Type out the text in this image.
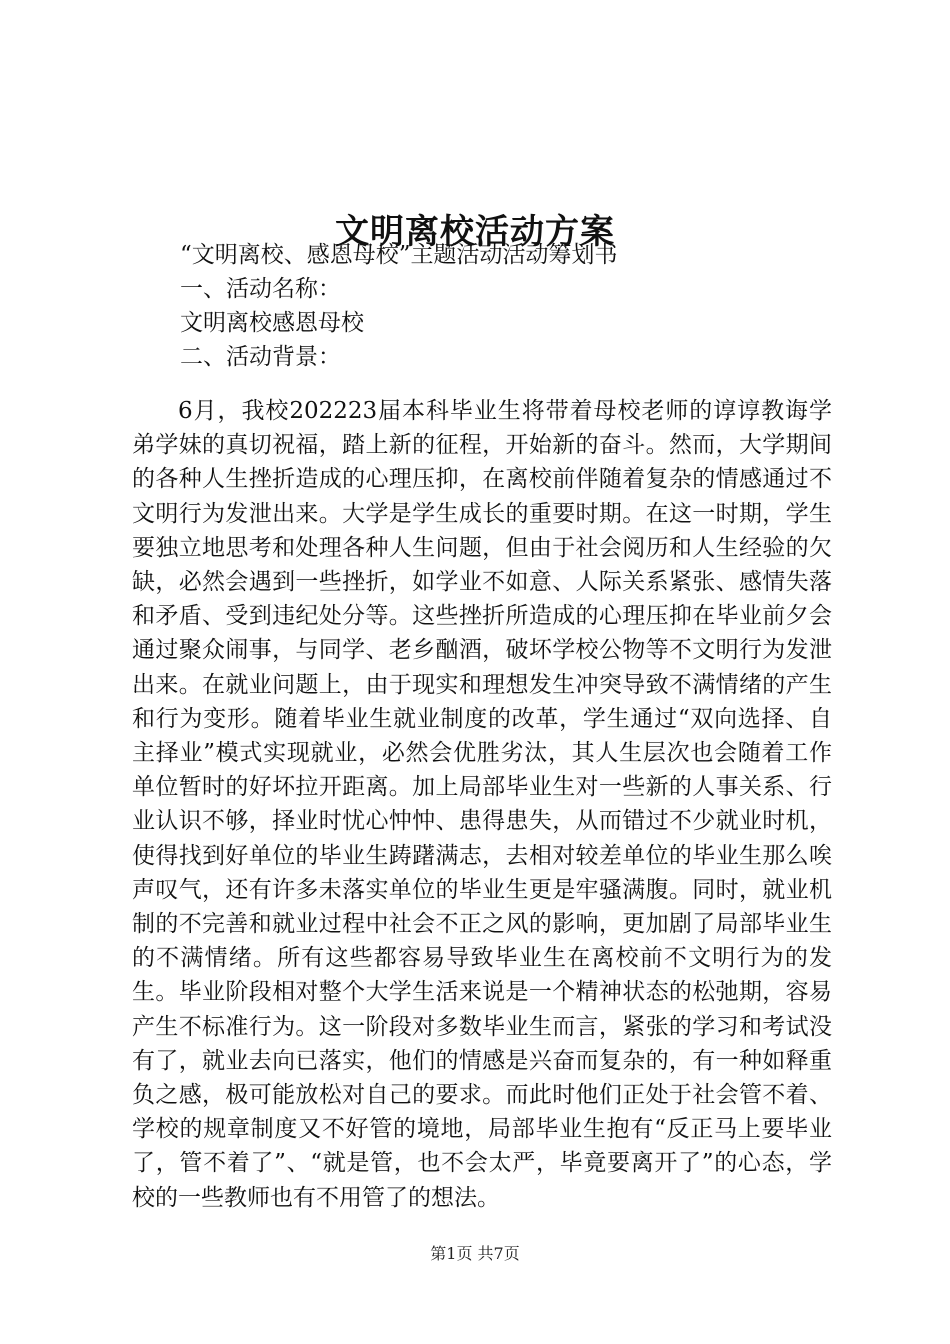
文明离校活动方案

“文明离校、感恩母校”主题活动活动筹划书

一、活动名称：

文明离校感恩母校

二、活动背景：

6月，我校202223届本科毕业生将带着母校老师的谆谆教诲学弟学妹的真切祝福，踏上新的征程，开始新的奋斗。然而，大学期间的各种人生挫折造成的心理压抑，在离校前伴随着复杂的情感通过不文明行为发泄出来。大学是学生成长的重要时期。在这一时期，学生要独立地思考和处理各种人生问题，但由于社会阅历和人生经验的欠缺，必然会遇到一些挫折，如学业不如意、人际关系紧张、感情失落和矛盾、受到违纪处分等。这些挫折所造成的心理压抑在毕业前夕会通过聚众闹事，与同学、老乡酗酒，破坏学校公物等不文明行为发泄出来。在就业问题上，由于现实和理想发生冲突导致不满情绪的产生和行为变形。随着毕业生就业制度的改革，学生通过“双向选择、自主择业”模式实现就业，必然会优胜劣汰，其人生层次也会随着工作单位暂时的好坏拉开距离。加上局部毕业生对一些新的人事关系、行业认识不够，择业时忧心忡忡、患得患失，从而错过不少就业时机，使得找到好单位的毕业生踌躇满志，去相对较差单位的毕业生那么唉声叹气，还有许多未落实单位的毕业生更是牢骚满腹。同时，就业机制的不完善和就业过程中社会不正之风的影响，更加剧了局部毕业生的不满情绪。所有这些都容易导致毕业生在离校前不文明行为的发生。毕业阶段相对整个大学生活来说是一个精神状态的松弛期，容易产生不标准行为。这一阶段对多数毕业生而言，紧张的学习和考试没有了，就业去向已落实，他们的情感是兴奋而复杂的，有一种如释重负之感，极可能放松对自己的要求。而此时他们正处于社会管不着、学校的规章制度又不好管的境地，局部毕业生抱有“反正马上要毕业了，管不着了”、“就是管，也不会太严，毕竟要离开了”的心态，学校的一些教师也有不用管了的想法。

第1页 共7页
